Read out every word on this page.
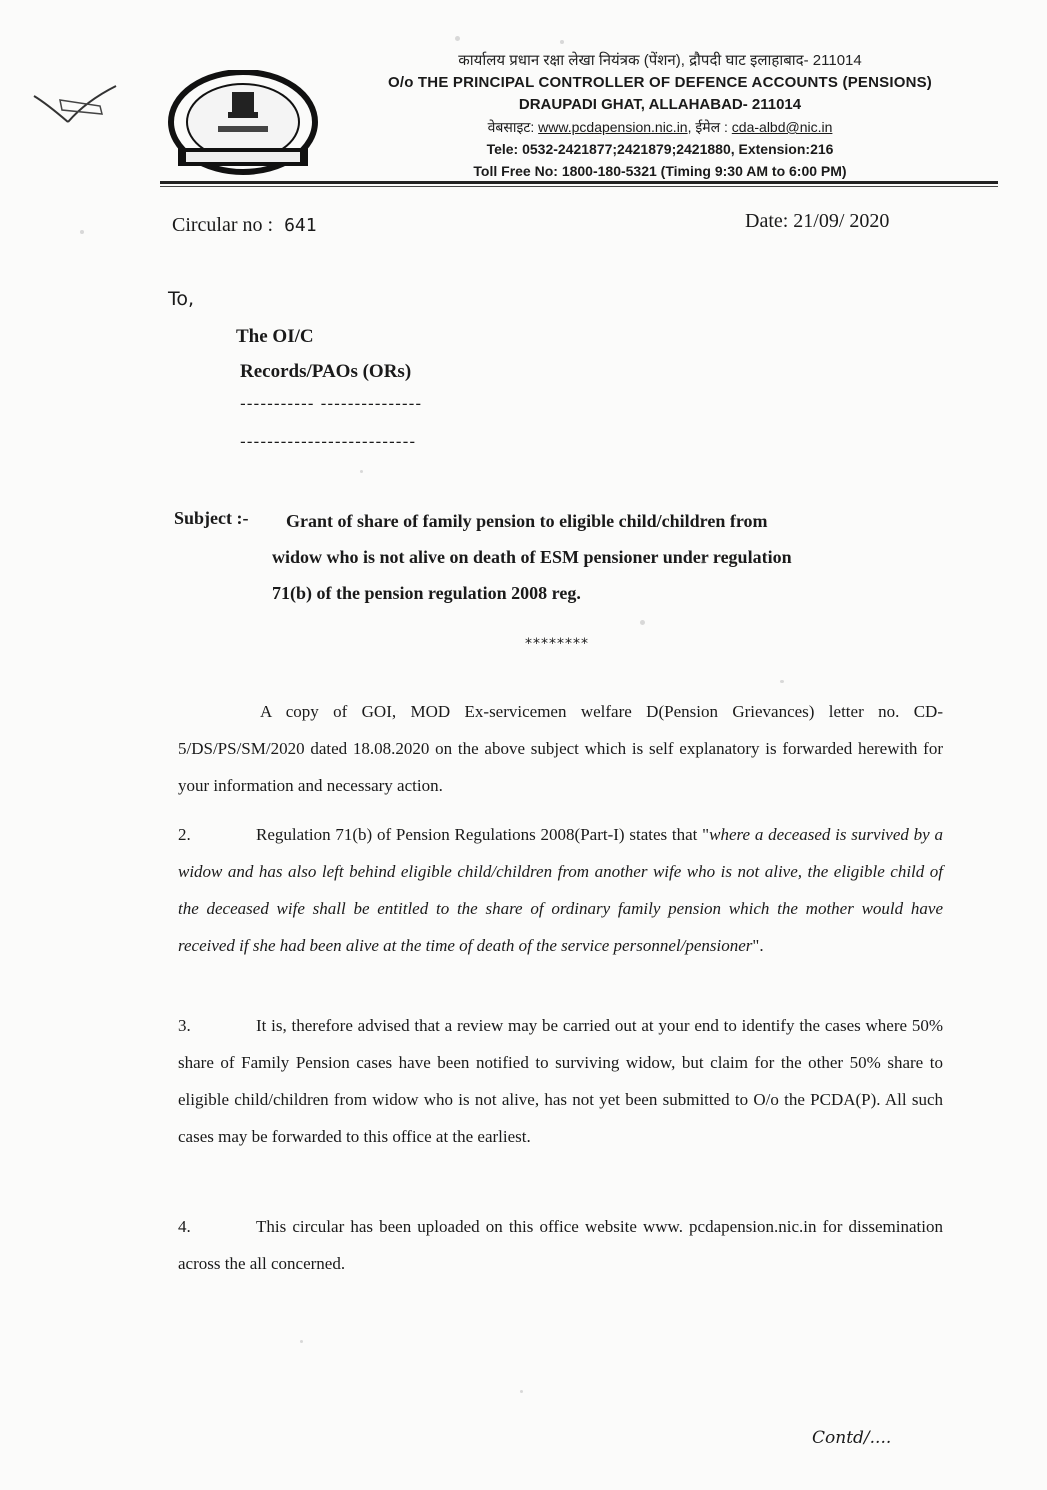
कार्यालय प्रधान रक्षा लेखा नियंत्रक (पेंशन), द्रौपदी घाट इलाहाबाद- 211014
O/o THE PRINCIPAL CONTROLLER OF DEFENCE ACCOUNTS (PENSIONS)
DRAUPADI GHAT, ALLAHABAD- 211014
वेबसाइट: www.pcdapension.nic.in, ईमेल : cda-albd@nic.in
Tele: 0532-2421877;2421879;2421880, Extension:216
Toll Free No: 1800-180-5321 (Timing 9:30 AM to 6:00 PM)
Circular no : 641	Date: 21/09/ 2020
To,
The OI/C
Records/PAOs (ORs)
----------- ---------------
--------------------------
Subject :-	Grant of share of family pension to eligible child/children from
widow who is not alive on death of ESM pensioner under regulation
71(b) of the pension regulation 2008 reg.
********
A copy of GOI, MOD Ex-servicemen welfare D(Pension Grievances) letter no. CD-5/DS/PS/SM/2020 dated 18.08.2020 on the above subject which is self explanatory is forwarded herewith for your information and necessary action.
2.	Regulation 71(b) of Pension Regulations 2008(Part-I) states that "where a deceased is survived by a widow and has also left behind eligible child/children from another wife who is not alive, the eligible child of the deceased wife shall be entitled to the share of ordinary family pension which the mother would have received if she had been alive at the time of death of the service personnel/pensioner".
3.	It is, therefore advised that a review may be carried out at your end to identify the cases where 50% share of Family Pension cases have been notified to surviving widow, but claim for the other 50% share to eligible child/children from widow who is not alive, has not yet been submitted to O/o the PCDA(P). All such cases may be forwarded to this office at the earliest.
4.	This circular has been uploaded on this office website www. pcdapension.nic.in for dissemination across the all concerned.
Contd/....
